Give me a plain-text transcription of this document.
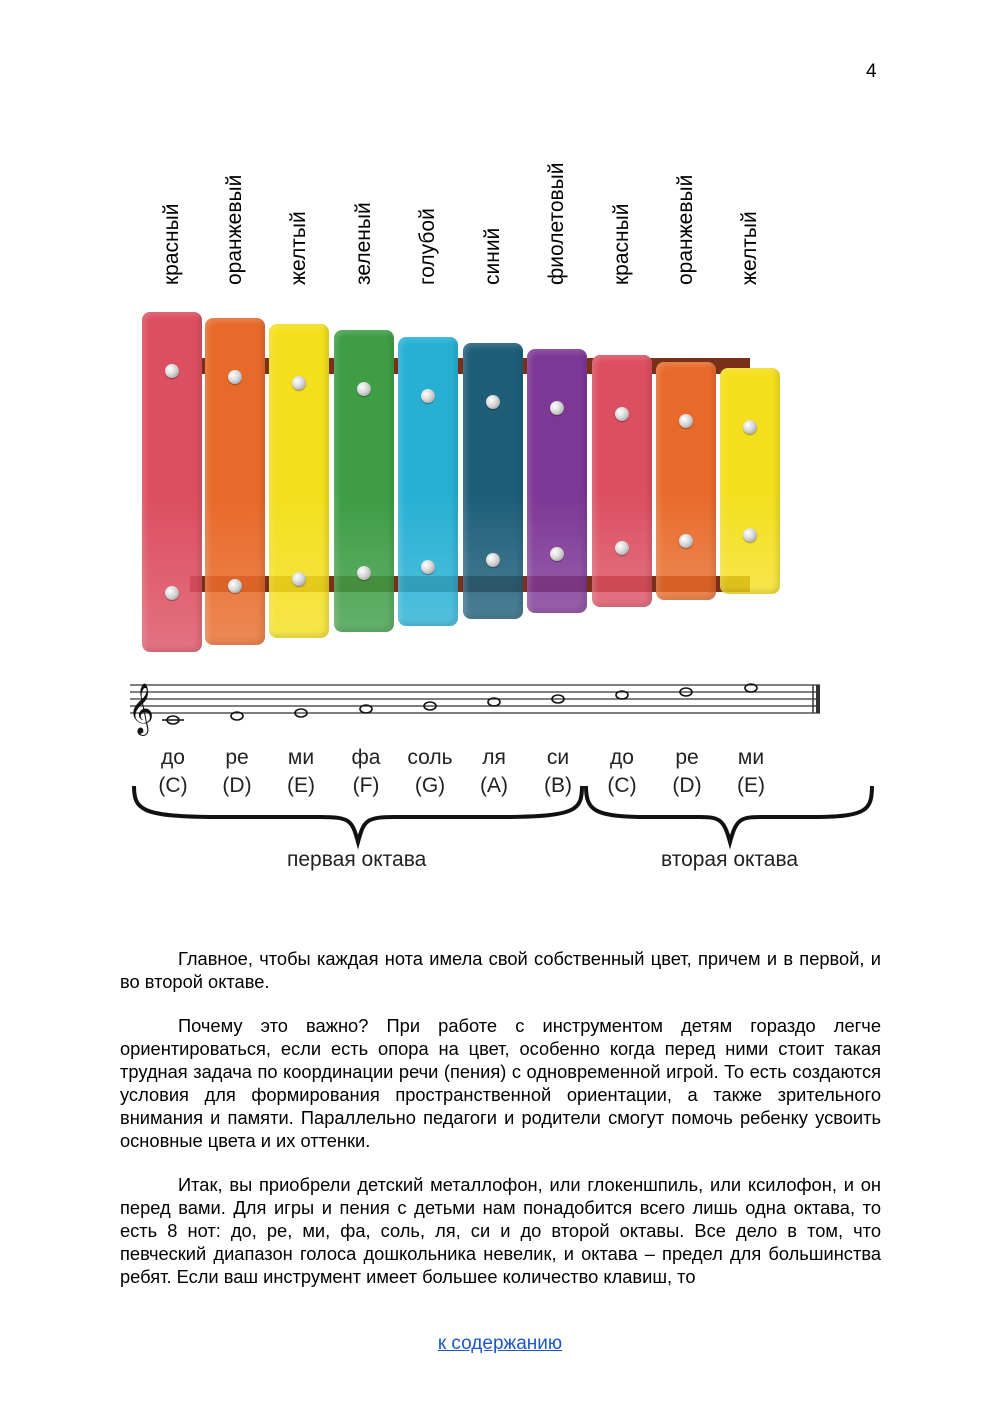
4
красный оранжевый желтый зеленый голубой синий фиолетовый красный оранжевый желтый
𝄞
до	ре	ми	фа	соль	ля	си	до	ре	ми
(C)	(D)	(E)	(F)	(G)	(A)	(B)	(C)	(D)	(E)
первая октава	вторая октава
Главное, чтобы каждая нота имела свой собственный цвет, причем и в первой, и во второй октаве.
Почему это важно? При работе с инструментом детям гораздо легче ориентироваться, если есть опора на цвет, особенно когда перед ними стоит такая трудная задача по координации речи (пения) с одновременной игрой. То есть создаются условия для формирования пространственной ориентации, а также зрительного внимания и памяти. Параллельно педагоги и родители смогут помочь ребенку усвоить основные цвета и их оттенки.
Итак, вы приобрели детский металлофон, или глокеншпиль, или ксилофон, и он перед вами. Для игры и пения с детьми нам понадобится всего лишь одна октава, то есть 8 нот: до, ре, ми, фа, соль, ля, си и до второй октавы. Все дело в том, что певческий диапазон голоса дошкольника невелик, и октава – предел для большинства ребят. Если ваш инструмент имеет большее количество клавиш, то
к содержанию
